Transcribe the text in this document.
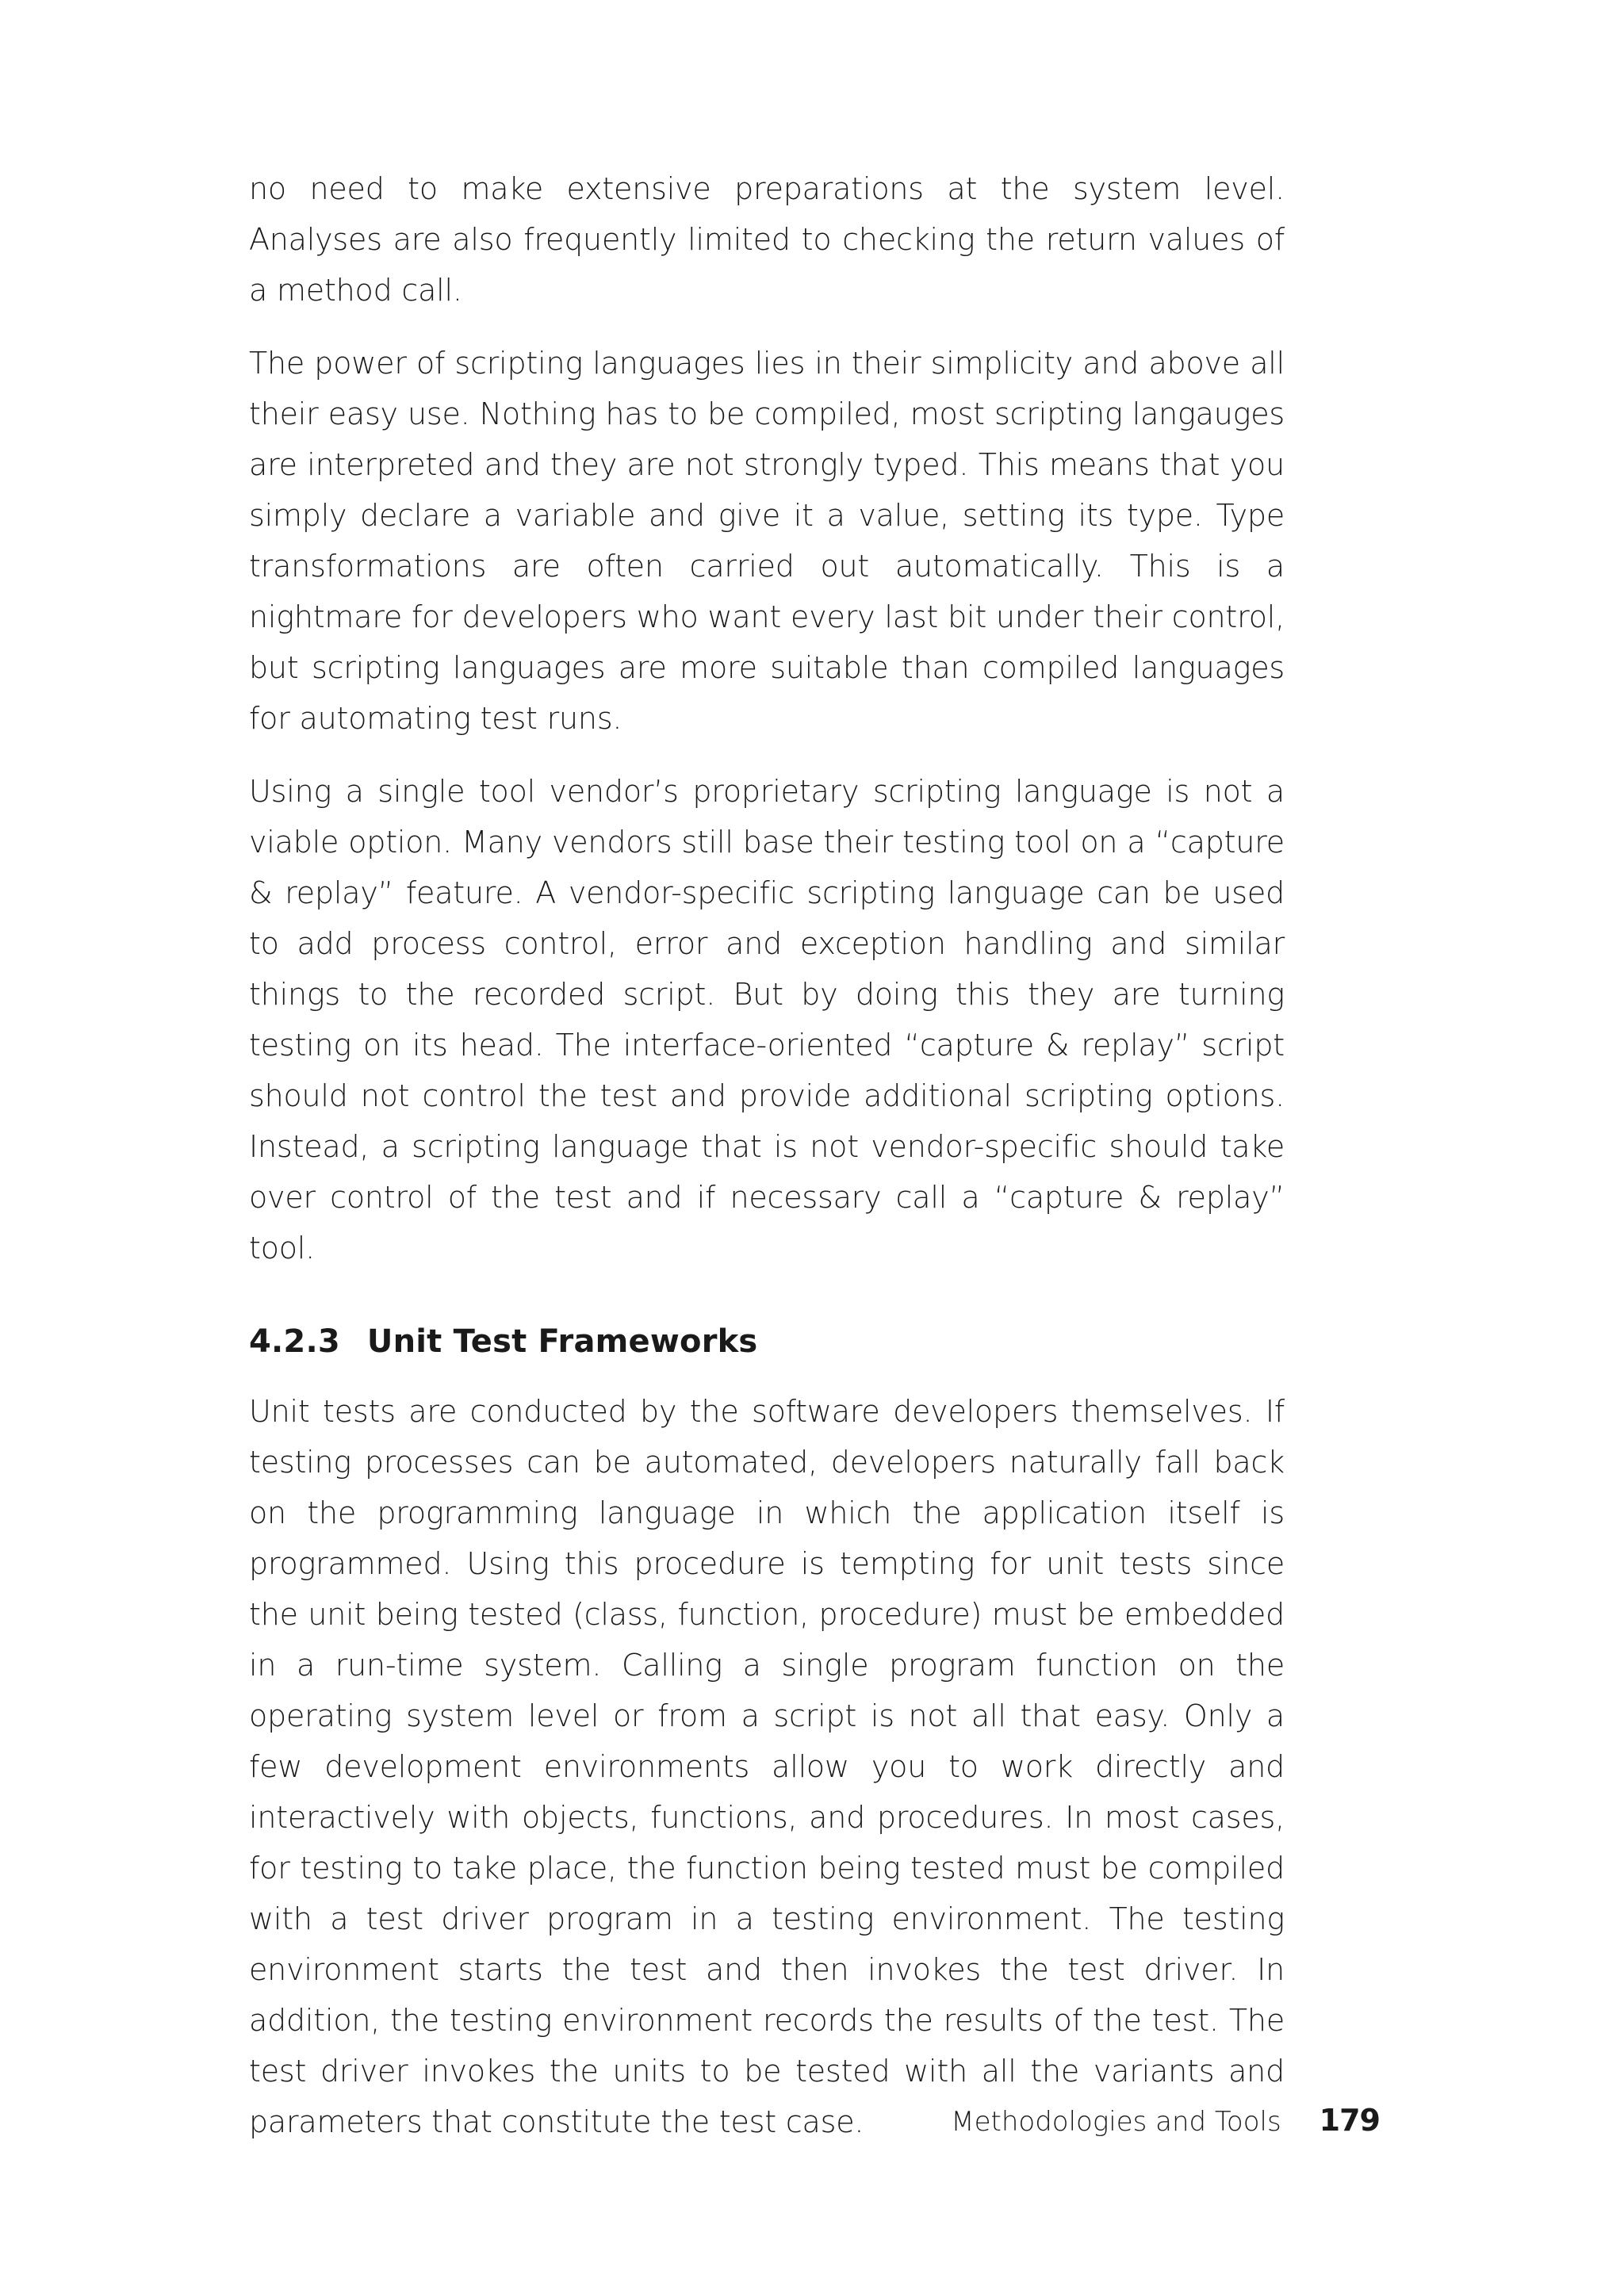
no need to make extensive preparations at the system level. Analyses are also frequently limited to checking the return values of a method call.

The power of scripting languages lies in their simplicity and above all their easy use. Nothing has to be compiled, most scripting langauges are interpreted and they are not strongly typed. This means that you simply declare a variable and give it a value, setting its type. Type transformations are often carried out automatically. This is a nightmare for developers who want every last bit under their control, but scripting languages are more suitable than compiled languages for automating test runs.

Using a single tool vendor’s proprietary scripting language is not a viable option. Many vendors still base their testing tool on a “capture & replay” feature. A vendor-specific scripting language can be used to add process control, error and exception handling and similar things to the recorded script. But by doing this they are turning testing on its head. The interface-oriented “capture & replay” script should not control the test and provide additional scripting options. Instead, a scripting language that is not vendor-specific should take over control of the test and if necessary call a “capture & replay” tool.

4.2.3 Unit Test Frameworks

Unit tests are conducted by the software developers themselves. If testing processes can be automated, developers naturally fall back on the programming language in which the application itself is programmed. Using this procedure is tempting for unit tests since the unit being tested (class, function, procedure) must be embedded in a run-time system. Calling a single program function on the operating system level or from a script is not all that easy. Only a few development environments allow you to work directly and interactively with objects, functions, and procedures. In most cases, for testing to take place, the function being tested must be compiled with a test driver program in a testing environment. The testing environment starts the test and then invokes the test driver. In addition, the testing environment records the results of the test. The test driver invokes the units to be tested with all the variants and parameters that constitute the test case.	Methodologies and Tools 179
